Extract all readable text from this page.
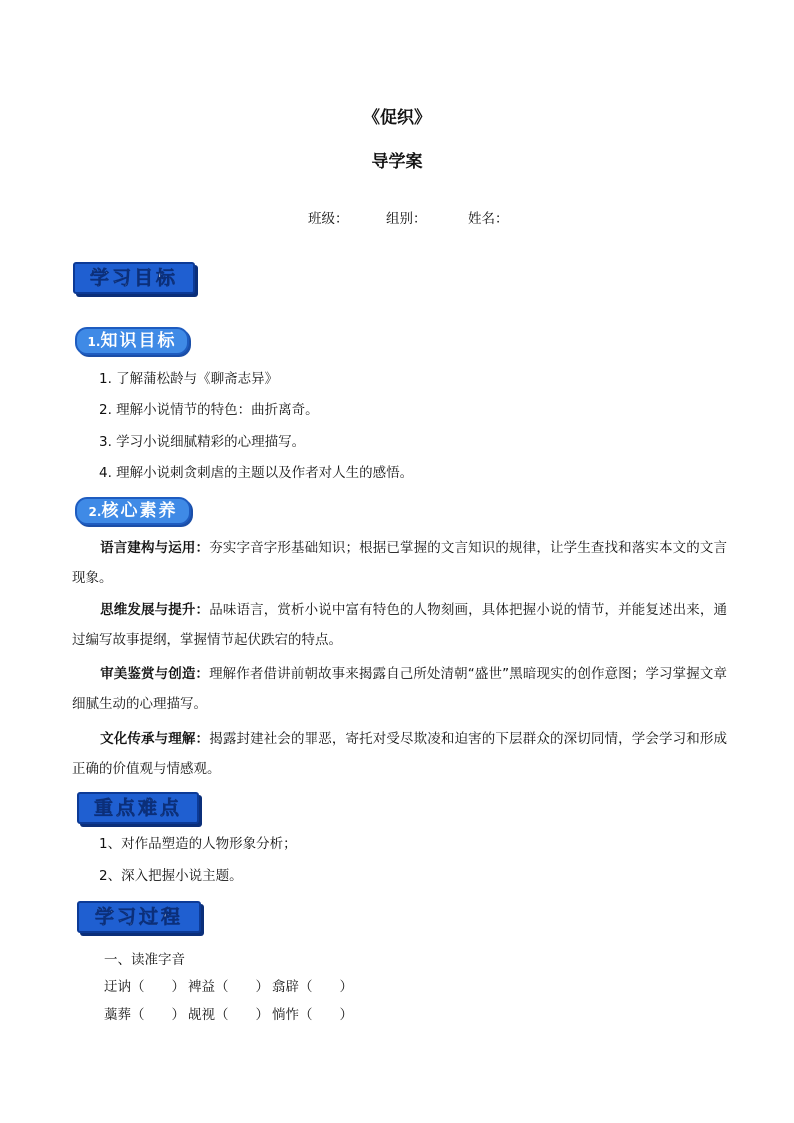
《促织》
导学案
班级：	组别：	姓名：
学习目标
1.知识目标
1. 了解蒲松龄与《聊斋志异》
2. 理解小说情节的特色：曲折离奇。
3. 学习小说细腻精彩的心理描写。
4. 理解小说刺贪刺虐的主题以及作者对人生的感悟。
2.核心素养
语言建构与运用：夯实字音字形基础知识；根据已掌握的文言知识的规律，让学生查找和落实本文的文言现象。
思维发展与提升：品味语言，赏析小说中富有特色的人物刻画，具体把握小说的情节，并能复述出来，通过编写故事提纲，掌握情节起伏跌宕的特点。
审美鉴赏与创造：理解作者借讲前朝故事来揭露自己所处清朝“盛世”黑暗现实的创作意图；学习掌握文章细腻生动的心理描写。
文化传承与理解：揭露封建社会的罪恶，寄托对受尽欺凌和迫害的下层群众的深切同情，学会学习和形成正确的价值观与情感观。
重点难点
1、对作品塑造的人物形象分析；
2、深入把握小说主题。
学习过程
一、读准字音
迂讷（　　） 裨益（　　） 翕辟（　　）
藁葬（　　） 觇视（　　） 惝怍（　　）
